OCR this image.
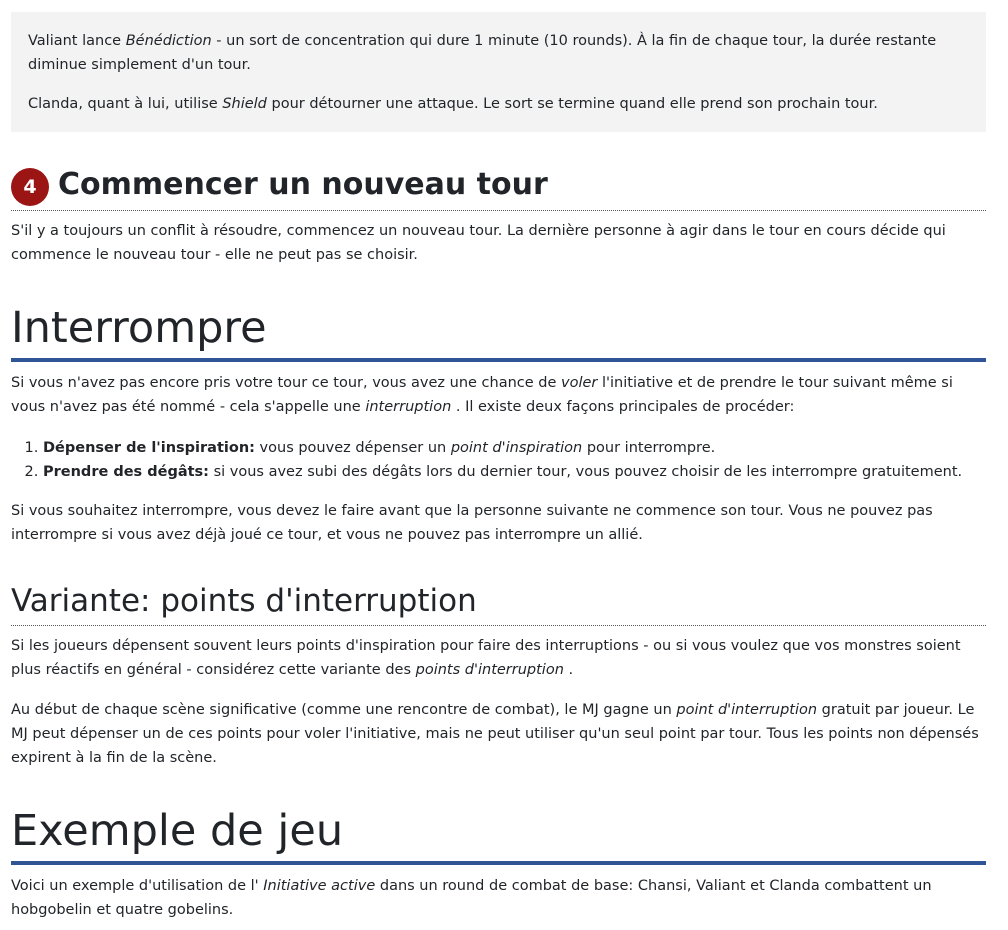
Valiant lance Bénédiction - un sort de concentration qui dure 1 minute (10 rounds). À la fin de chaque tour, la durée restante diminue simplement d'un tour.

Clanda, quant à lui, utilise Shield pour détourner une attaque. Le sort se termine quand elle prend son prochain tour.

4 Commencer un nouveau tour

S'il y a toujours un conflit à résoudre, commencez un nouveau tour. La dernière personne à agir dans le tour en cours décide qui commence le nouveau tour - elle ne peut pas se choisir.

Interrompre

Si vous n'avez pas encore pris votre tour ce tour, vous avez une chance de voler l'initiative et de prendre le tour suivant même si vous n'avez pas été nommé - cela s'appelle une interruption . Il existe deux façons principales de procéder:

1. Dépenser de l'inspiration: vous pouvez dépenser un point d'inspiration pour interrompre.
2. Prendre des dégâts: si vous avez subi des dégâts lors du dernier tour, vous pouvez choisir de les interrompre gratuitement.

Si vous souhaitez interrompre, vous devez le faire avant que la personne suivante ne commence son tour. Vous ne pouvez pas interrompre si vous avez déjà joué ce tour, et vous ne pouvez pas interrompre un allié.

Variante: points d'interruption

Si les joueurs dépensent souvent leurs points d'inspiration pour faire des interruptions - ou si vous voulez que vos monstres soient plus réactifs en général - considérez cette variante des points d'interruption .

Au début de chaque scène significative (comme une rencontre de combat), le MJ gagne un point d'interruption gratuit par joueur. Le MJ peut dépenser un de ces points pour voler l'initiative, mais ne peut utiliser qu'un seul point par tour. Tous les points non dépensés expirent à la fin de la scène.

Exemple de jeu

Voici un exemple d'utilisation de l' Initiative active dans un round de combat de base: Chansi, Valiant et Clanda combattent un hobgobelin et quatre gobelins.
